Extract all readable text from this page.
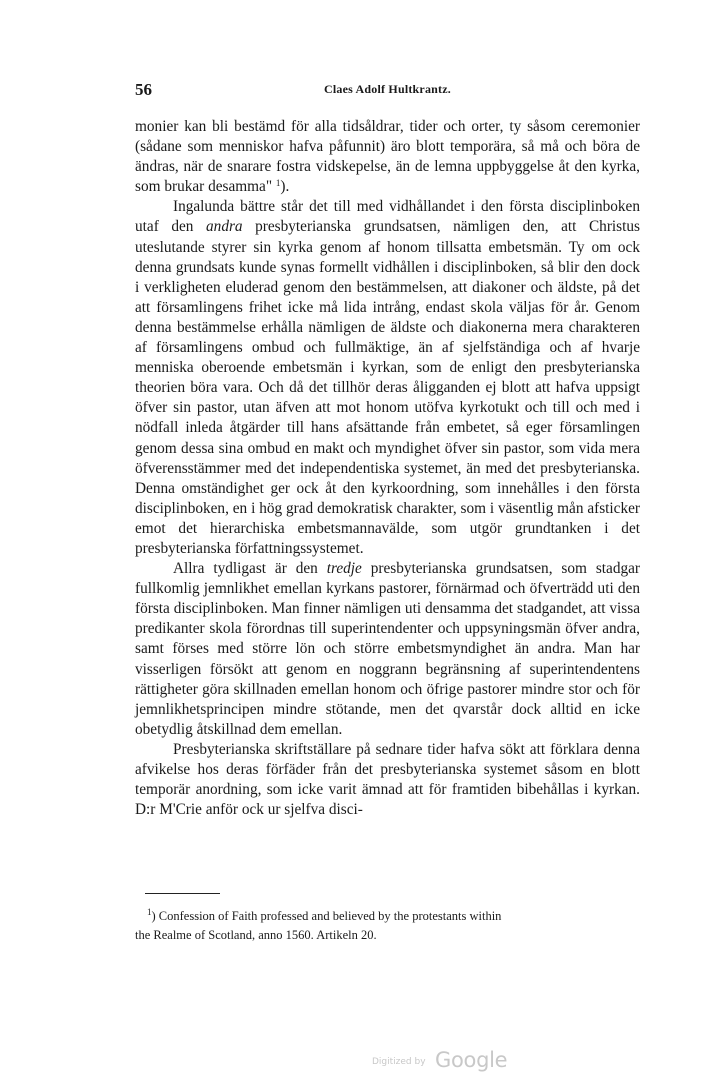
56	Claes Adolf Hultkrantz.

monier kan bli bestämd för alla tidsåldrar, tider och orter, ty såsom ceremonier (sådane som menniskor hafva påfunnit) äro blott temporära, så må och böra de ändras, när de snarare fostra vidskepelse, än de lemna uppbyggelse åt den kyrka, som brukar desamma" $^1$).

Ingalunda bättre står det till med vidhållandet i den första disciplinboken utaf den andra presbyterianska grundsatsen, nämligen den, att Christus uteslutande styrer sin kyrka genom af honom tillsatta embetsmän. Ty om ock denna grundsats kunde synas formellt vidhållen i disciplinboken, så blir den dock i verkligheten eluderad genom den bestämmelsen, att diakoner och äldste, på det att församlingens frihet icke må lida intrång, endast skola väljas för år. Genom denna bestämmelse erhålla nämligen de äldste och diakonerna mera charakteren af församlingens ombud och fullmäktige, än af sjelfständiga och af hvarje menniska oberoende embetsmän i kyrkan, som de enligt den presbyterianska theorien böra vara. Och då det tillhör deras åligganden ej blott att hafva uppsigt öfver sin pastor, utan äfven att mot honom utöfva kyrkotukt och till och med i nödfall inleda åtgärder till hans afsättande från embetet, så eger församlingen genom dessa sina ombud en makt och myndighet öfver sin pastor, som vida mera öfverensstämmer med det independentiska systemet, än med det presbyterianska. Denna omständighet ger ock åt den kyrkoordning, som innehålles i den första disciplinboken, en i hög grad demokratisk charakter, som i väsentlig mån afsticker emot det hierarchiska embetsmannavälde, som utgör grundtanken i det presbyterianska författningssystemet.

Allra tydligast är den tredje presbyterianska grundsatsen, som stadgar fullkomlig jemnlikhet emellan kyrkans pastorer, förnärmad och öfverträdd uti den första disciplinboken. Man finner nämligen uti densamma det stadgandet, att vissa predikanter skola förordnas till superintendenter och uppsyningsmän öfver andra, samt förses med större lön och större embetsmyndighet än andra. Man har visserligen försökt att genom en noggrann begränsning af superintendentens rättigheter göra skillnaden emellan honom och öfrige pastorer mindre stor och för jemnlikhetsprincipen mindre stötande, men det qvarstår dock alltid en icke obetydlig åtskillnad dem emellan.

Presbyterianska skriftställare på sednare tider hafva sökt att förklara denna afvikelse hos deras förfäder från det presbyterianska systemet såsom en blott temporär anordning, som icke varit ämnad att för framtiden bibehållas i kyrkan. D:r M'Crie anför ock ur sjelfva disci-

$^1$) Confession of Faith professed and believed by the protestants within
the Realme of Scotland, anno 1560. Artikeln 20.
Digitized by Google
